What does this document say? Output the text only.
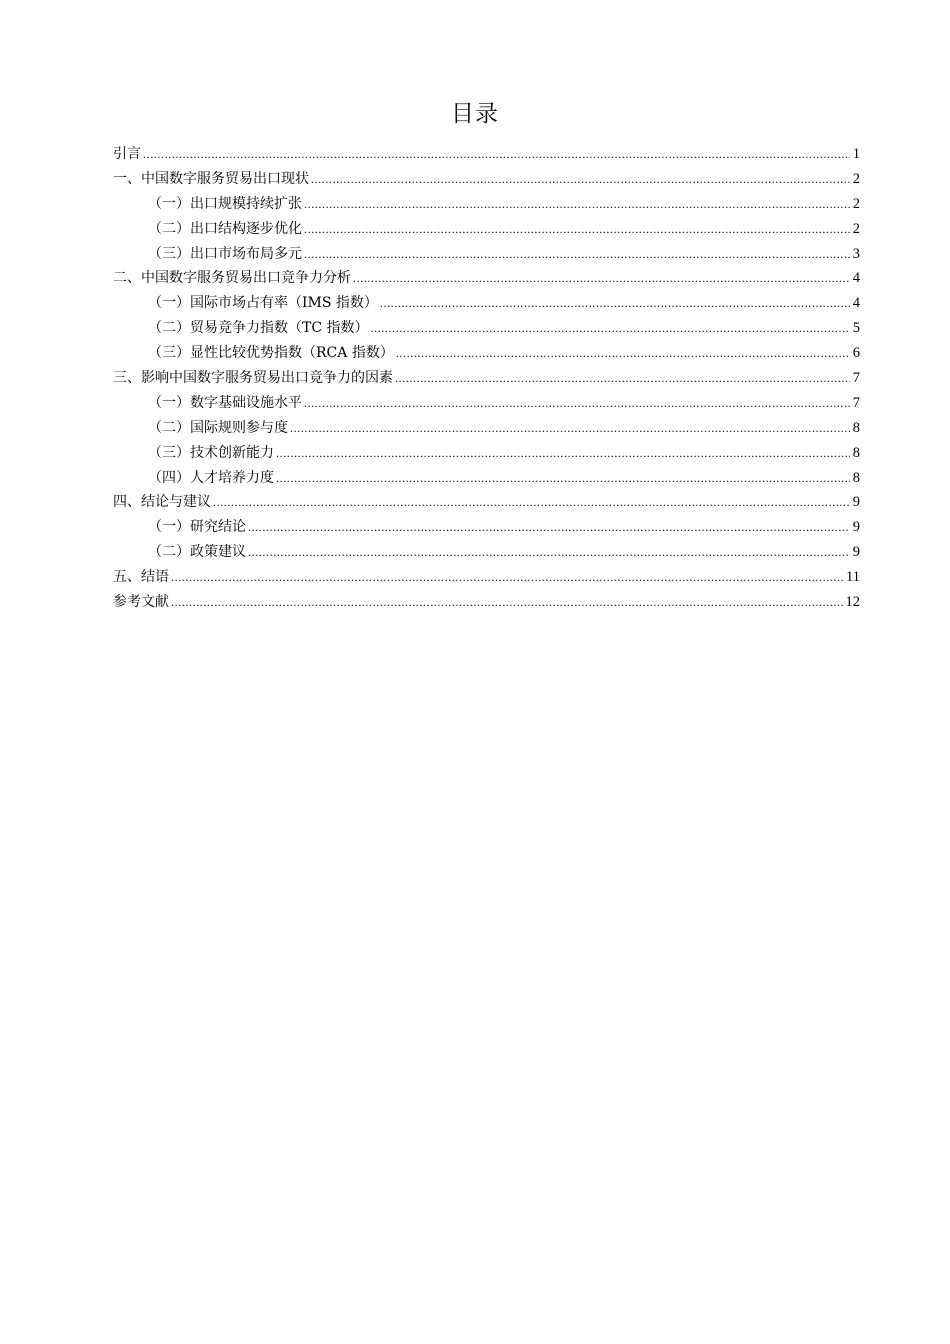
目录
引言 .....	1
一、中国数字服务贸易出口现状 .....	2
（一）出口规模持续扩张 .....	2
（二）出口结构逐步优化 .....	2
（三）出口市场布局多元 .....	3
二、中国数字服务贸易出口竞争力分析 .....	4
（一）国际市场占有率（IMS 指数） .....	4
（二）贸易竞争力指数（TC 指数） .....	5
（三）显性比较优势指数（RCA 指数） .....	6
三、影响中国数字服务贸易出口竞争力的因素 .....	7
（一）数字基础设施水平 .....	7
（二）国际规则参与度 .....	8
（三）技术创新能力 .....	8
（四）人才培养力度 .....	8
四、结论与建议 .....	9
（一）研究结论 .....	9
（二）政策建议 .....	9
五、结语 .....	11
参考文献 .....	12
